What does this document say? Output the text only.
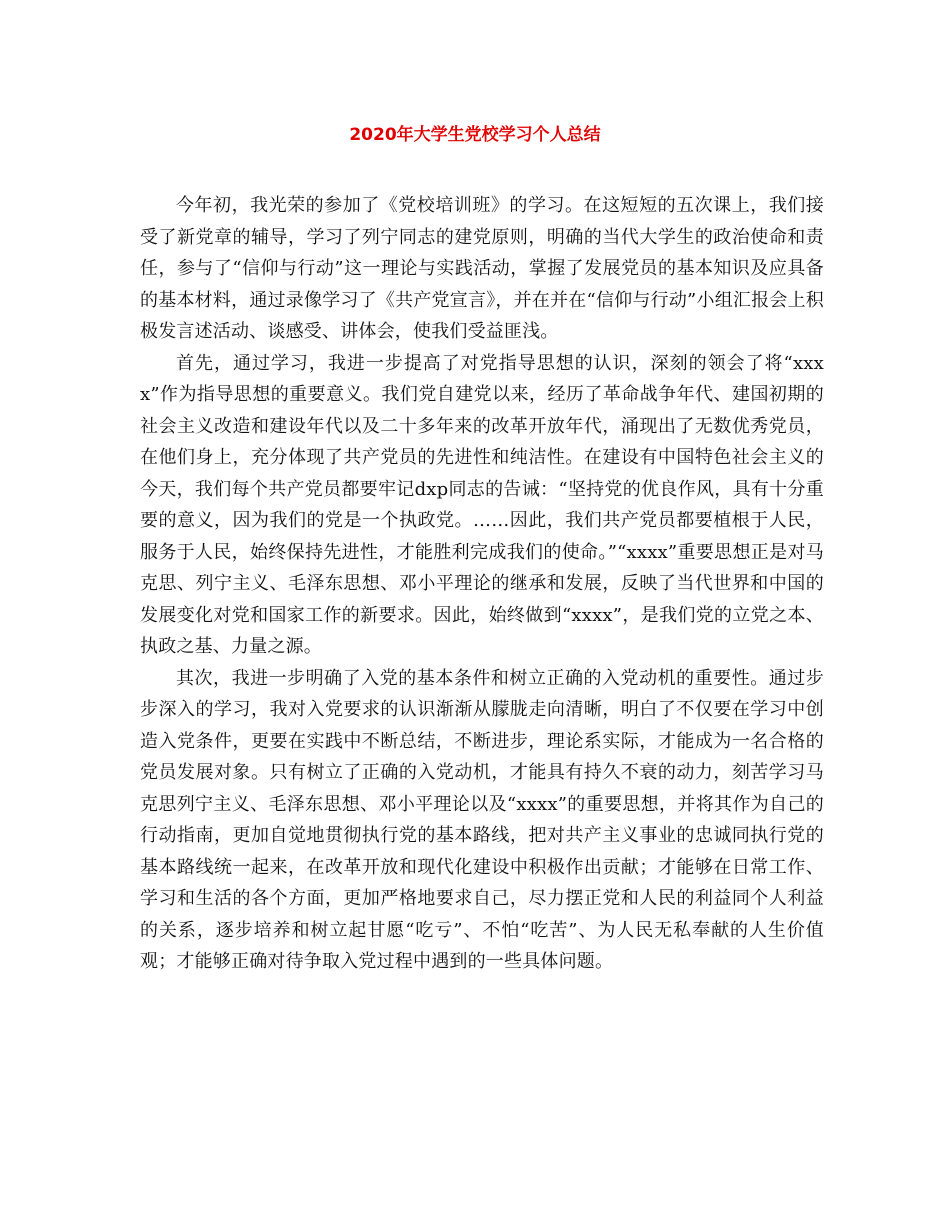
2020年大学生党校学习个人总结

今年初，我光荣的参加了《党校培训班》的学习。在这短短的五次课上，我们接受了新党章的辅导，学习了列宁同志的建党原则，明确的当代大学生的政治使命和责任，参与了“信仰与行动”这一理论与实践活动，掌握了发展党员的基本知识及应具备的基本材料，通过录像学习了《共产党宣言》，并在并在“信仰与行动”小组汇报会上积极发言述活动、谈感受、讲体会，使我们受益匪浅。

首先，通过学习，我进一步提高了对党指导思想的认识，深刻的领会了将“xxxx”作为指导思想的重要意义。我们党自建党以来，经历了革命战争年代、建国初期的社会主义改造和建设年代以及二十多年来的改革开放年代，涌现出了无数优秀党员，在他们身上，充分体现了共产党员的先进性和纯洁性。在建设有中国特色社会主义的今天，我们每个共产党员都要牢记dxp同志的告诫：“坚持党的优良作风，具有十分重要的意义，因为我们的党是一个执政党。……因此，我们共产党员都要植根于人民，服务于人民，始终保持先进性，才能胜利完成我们的使命。”“xxxx”重要思想正是对马克思、列宁主义、毛泽东思想、邓小平理论的继承和发展，反映了当代世界和中国的发展变化对党和国家工作的新要求。因此，始终做到“xxxx”，是我们党的立党之本、执政之基、力量之源。

其次，我进一步明确了入党的基本条件和树立正确的入党动机的重要性。通过步步深入的学习，我对入党要求的认识渐渐从朦胧走向清晰，明白了不仅要在学习中创造入党条件，更要在实践中不断总结，不断进步，理论系实际，才能成为一名合格的党员发展对象。只有树立了正确的入党动机，才能具有持久不衰的动力，刻苦学习马克思列宁主义、毛泽东思想、邓小平理论以及“xxxx”的重要思想，并将其作为自己的行动指南，更加自觉地贯彻执行党的基本路线，把对共产主义事业的忠诚同执行党的基本路线统一起来，在改革开放和现代化建设中积极作出贡献；才能够在日常工作、学习和生活的各个方面，更加严格地要求自己，尽力摆正党和人民的利益同个人利益的关系，逐步培养和树立起甘愿“吃亏”、不怕“吃苦”、为人民无私奉献的人生价值观；才能够正确对待争取入党过程中遇到的一些具体问题。
